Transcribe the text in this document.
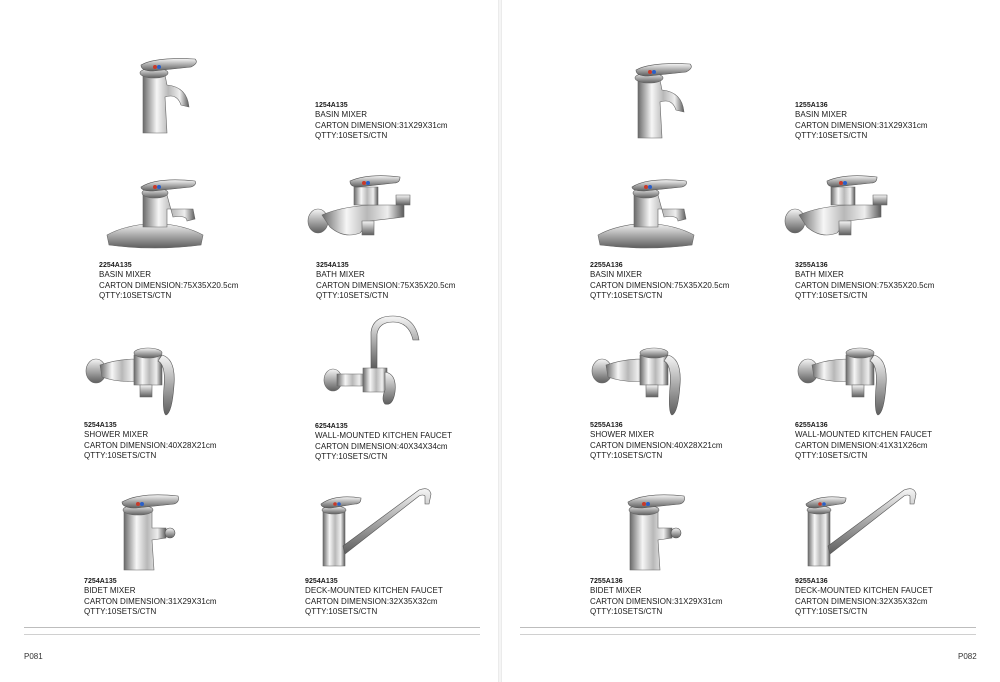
1254A135
BASIN MIXER
CARTON DIMENSION:31X29X31cm
QTTY:10SETS/CTN
2254A135
BASIN MIXER
CARTON DIMENSION:75X35X20.5cm
QTTY:10SETS/CTN
3254A135
BATH MIXER
CARTON DIMENSION:75X35X20.5cm
QTTY:10SETS/CTN
5254A135
SHOWER MIXER
CARTON DIMENSION:40X28X21cm
QTTY:10SETS/CTN
6254A135
WALL-MOUNTED KITCHEN FAUCET
CARTON DIMENSION:40X34X34cm
QTTY:10SETS/CTN
7254A135
BIDET MIXER
CARTON DIMENSION:31X29X31cm
QTTY:10SETS/CTN
9254A135
DECK-MOUNTED KITCHEN FAUCET
CARTON DIMENSION:32X35X32cm
QTTY:10SETS/CTN
P081
1255A136
BASIN MIXER
CARTON DIMENSION:31X29X31cm
QTTY:10SETS/CTN
2255A136
BASIN MIXER
CARTON DIMENSION:75X35X20.5cm
QTTY:10SETS/CTN
3255A136
BATH MIXER
CARTON DIMENSION:75X35X20.5cm
QTTY:10SETS/CTN
5255A136
SHOWER MIXER
CARTON DIMENSION:40X28X21cm
QTTY:10SETS/CTN
6255A136
WALL-MOUNTED KITCHEN FAUCET
CARTON DIMENSION:41X31X26cm
QTTY:10SETS/CTN
7255A136
BIDET MIXER
CARTON DIMENSION:31X29X31cm
QTTY:10SETS/CTN
9255A136
DECK-MOUNTED KITCHEN FAUCET
CARTON DIMENSION:32X35X32cm
QTTY:10SETS/CTN
P082
